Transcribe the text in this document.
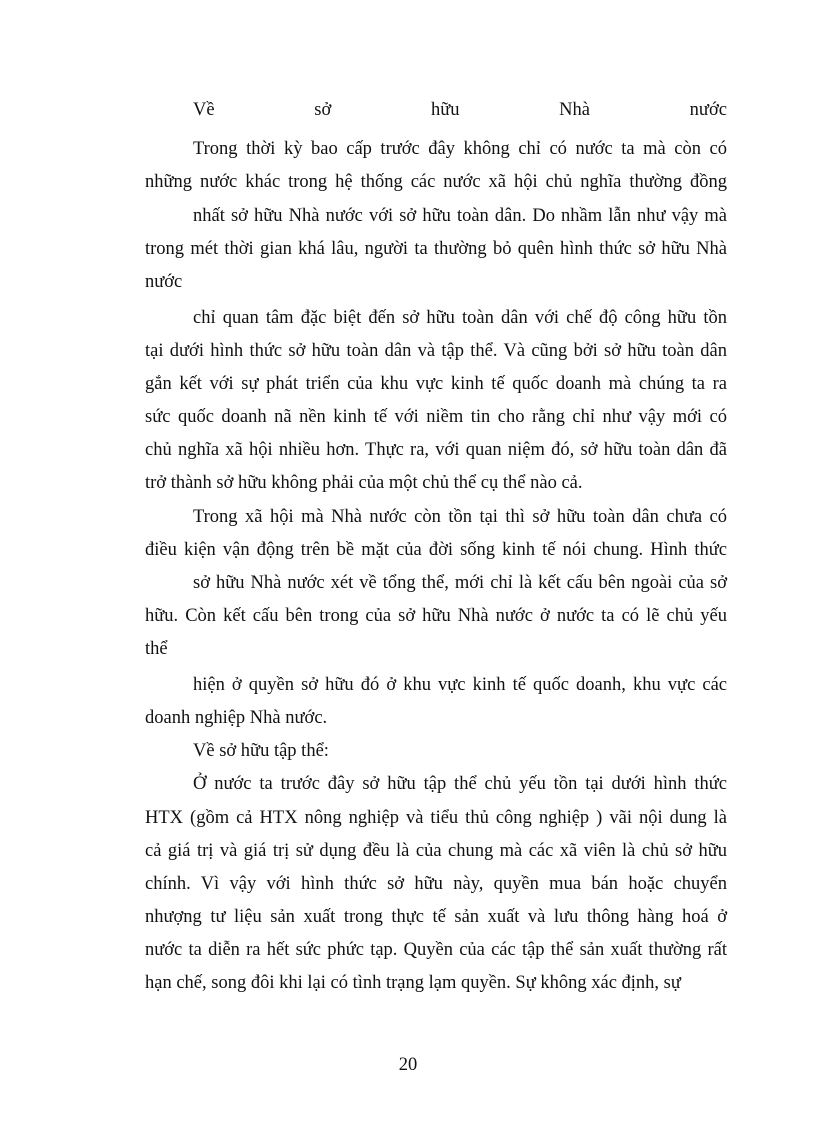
Về	sở	hữu	Nhà	nước
Trong thời kỳ bao cấp trước đây không chỉ có nước ta mà còn có
những nước khác trong hệ thống các nước xã hội chủ nghĩa thường đồng
nhất sở hữu Nhà nước với sở hữu toàn dân. Do nhầm lẫn như vậy mà
trong mét thời gian khá lâu, người ta thường bỏ quên hình thức sở hữu Nhà
nước
chỉ quan tâm đặc biệt đến sở hữu toàn dân với chế độ công hữu tồn
tại dưới hình thức sở hữu toàn dân và tập thể. Và cũng bởi sở hữu toàn dân
gắn kết với sự phát triển của khu vực kinh tế quốc doanh mà chúng ta ra
sức quốc doanh nã nền kinh tế với niềm tin cho rằng chỉ như vậy mới có
chủ nghĩa xã hội nhiều hơn. Thực ra, với quan niệm đó, sở hữu toàn dân đã
trở thành sở hữu không phải của một chủ thể cụ thể nào cả.
Trong xã hội mà Nhà nước còn tồn tại thì sở hữu toàn dân chưa có
điều kiện vận động trên bề mặt của đời sống kinh tế nói chung. Hình thức
sở hữu Nhà nước xét về tổng thể, mới chỉ là kết cấu bên ngoài của sở
hữu. Còn kết cấu bên trong của sở hữu Nhà nước ở nước ta có lẽ chủ yếu
thể
hiện ở quyền sở hữu đó ở khu vực kinh tế quốc doanh, khu vực các
doanh nghiệp Nhà nước.
Về sở hữu tập thể:
Ở nước ta trước đây sở hữu tập thể chủ yếu tồn tại dưới hình thức
HTX (gồm cả HTX nông nghiệp và tiểu thủ công nghiệp ) vãi nội dung là
cả giá trị và giá trị sử dụng đều là của chung mà các xã viên là chủ sở hữu
chính. Vì vậy với hình thức sở hữu này, quyền mua bán hoặc chuyển
nhượng tư liệu sản xuất trong thực tế sản xuất và lưu thông hàng hoá ở
nước ta diễn ra hết sức phức tạp. Quyền của các tập thể sản xuất thường rất
hạn chế, song đôi khi lại có tình trạng lạm quyền. Sự không xác định, sự
20
